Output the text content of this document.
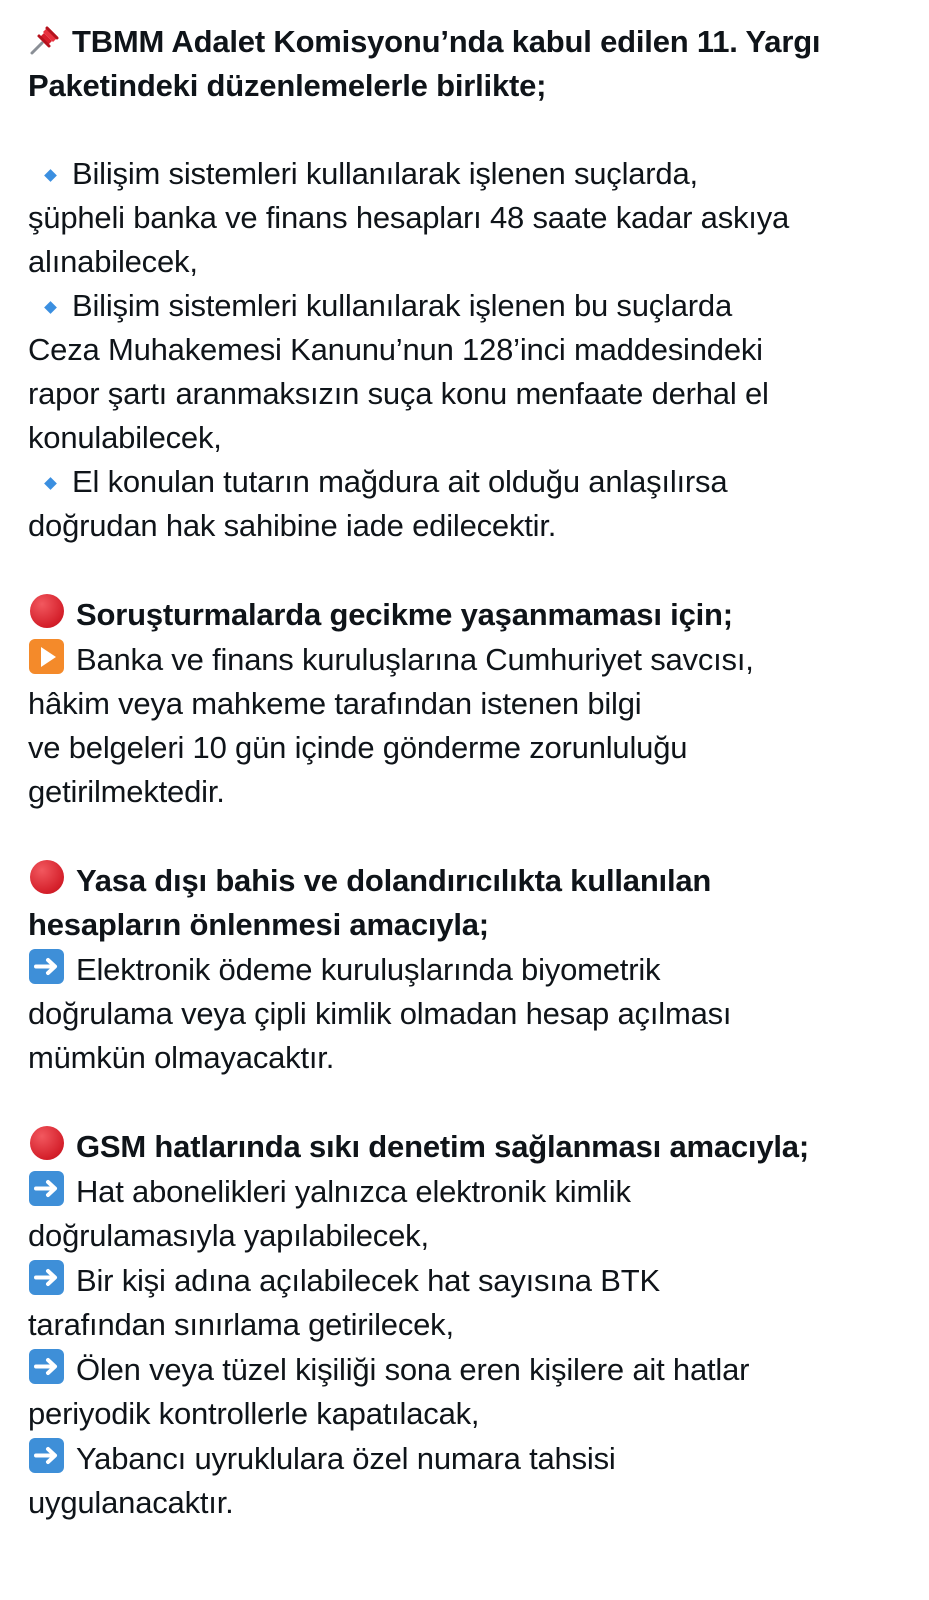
TBMM Adalet Komisyonu’nda kabul edilen 11. Yargı
Paketindeki düzenlemelerle birlikte;
Bilişim sistemleri kullanılarak işlenen suçlarda,
şüpheli banka ve finans hesapları 48 saate kadar askıya
alınabilecek,
Bilişim sistemleri kullanılarak işlenen bu suçlarda
Ceza Muhakemesi Kanunu’nun 128’inci maddesindeki
rapor şartı aranmaksızın suça konu menfaate derhal el
konulabilecek,
El konulan tutarın mağdura ait olduğu anlaşılırsa
doğrudan hak sahibine iade edilecektir.
Soruşturmalarda gecikme yaşanmaması için;
Banka ve finans kuruluşlarına Cumhuriyet savcısı,
hâkim veya mahkeme tarafından istenen bilgi
ve belgeleri 10 gün içinde gönderme zorunluluğu
getirilmektedir.
Yasa dışı bahis ve dolandırıcılıkta kullanılan
hesapların önlenmesi amacıyla;
Elektronik ödeme kuruluşlarında biyometrik
doğrulama veya çipli kimlik olmadan hesap açılması
mümkün olmayacaktır.
GSM hatlarında sıkı denetim sağlanması amacıyla;
Hat abonelikleri yalnızca elektronik kimlik
doğrulamasıyla yapılabilecek,
Bir kişi adına açılabilecek hat sayısına BTK
tarafından sınırlama getirilecek,
Ölen veya tüzel kişiliği sona eren kişilere ait hatlar
periyodik kontrollerle kapatılacak,
Yabancı uyruklulara özel numara tahsisi
uygulanacaktır.
